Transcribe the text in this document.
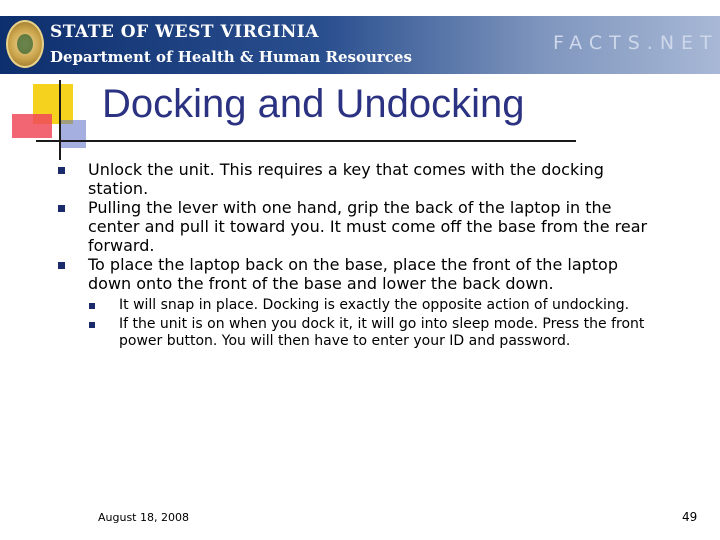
STATE OF WEST VIRGINIA
Department of Health & Human Resources
FACTS.NET
Docking and Undocking
Unlock the unit. This requires a key that comes with the docking station.
Pulling the lever with one hand, grip the back of the laptop in the center and pull it toward you. It must come off the base from the rear forward.
To place the laptop back on the base, place the front of the laptop down onto the front of the base and lower the back down.
It will snap in place. Docking is exactly the opposite action of undocking.
If the unit is on when you dock it, it will go into sleep mode. Press the front power button. You will then have to enter your ID and password.
August 18, 2008	49
